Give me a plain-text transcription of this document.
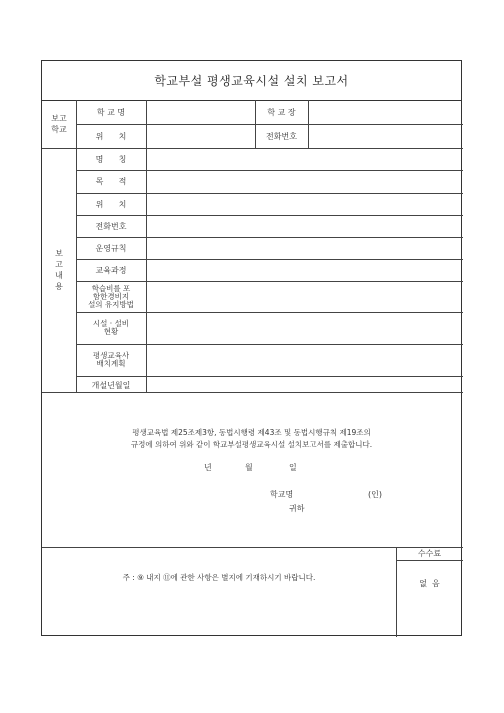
학교부설 평생교육시설 설치 보고서
보고
학교
학 교 명	학 교 장
위      치	전화번호
보
고
내
용
명      칭
목      적
위      치
전화번호
운영규칙
교육과정
학습비를 포
함한경비지
설의 유지방법
시설 · 설비
현황
평생교육사
배치계획
개설년월일
평생교육법 제25조제3항, 동법시행령 제43조 및 동법시행규칙 제19조의
규정에 의하여 위와 같이 학교부설평생교육시설 설치보고서를 제출합니다.
년	월	일
학교명	(인)
귀하
주 : ⑨ 내지 ⑪에 관한 사항은 별지에 기재하시기 바랍니다.
수수료
없  음
